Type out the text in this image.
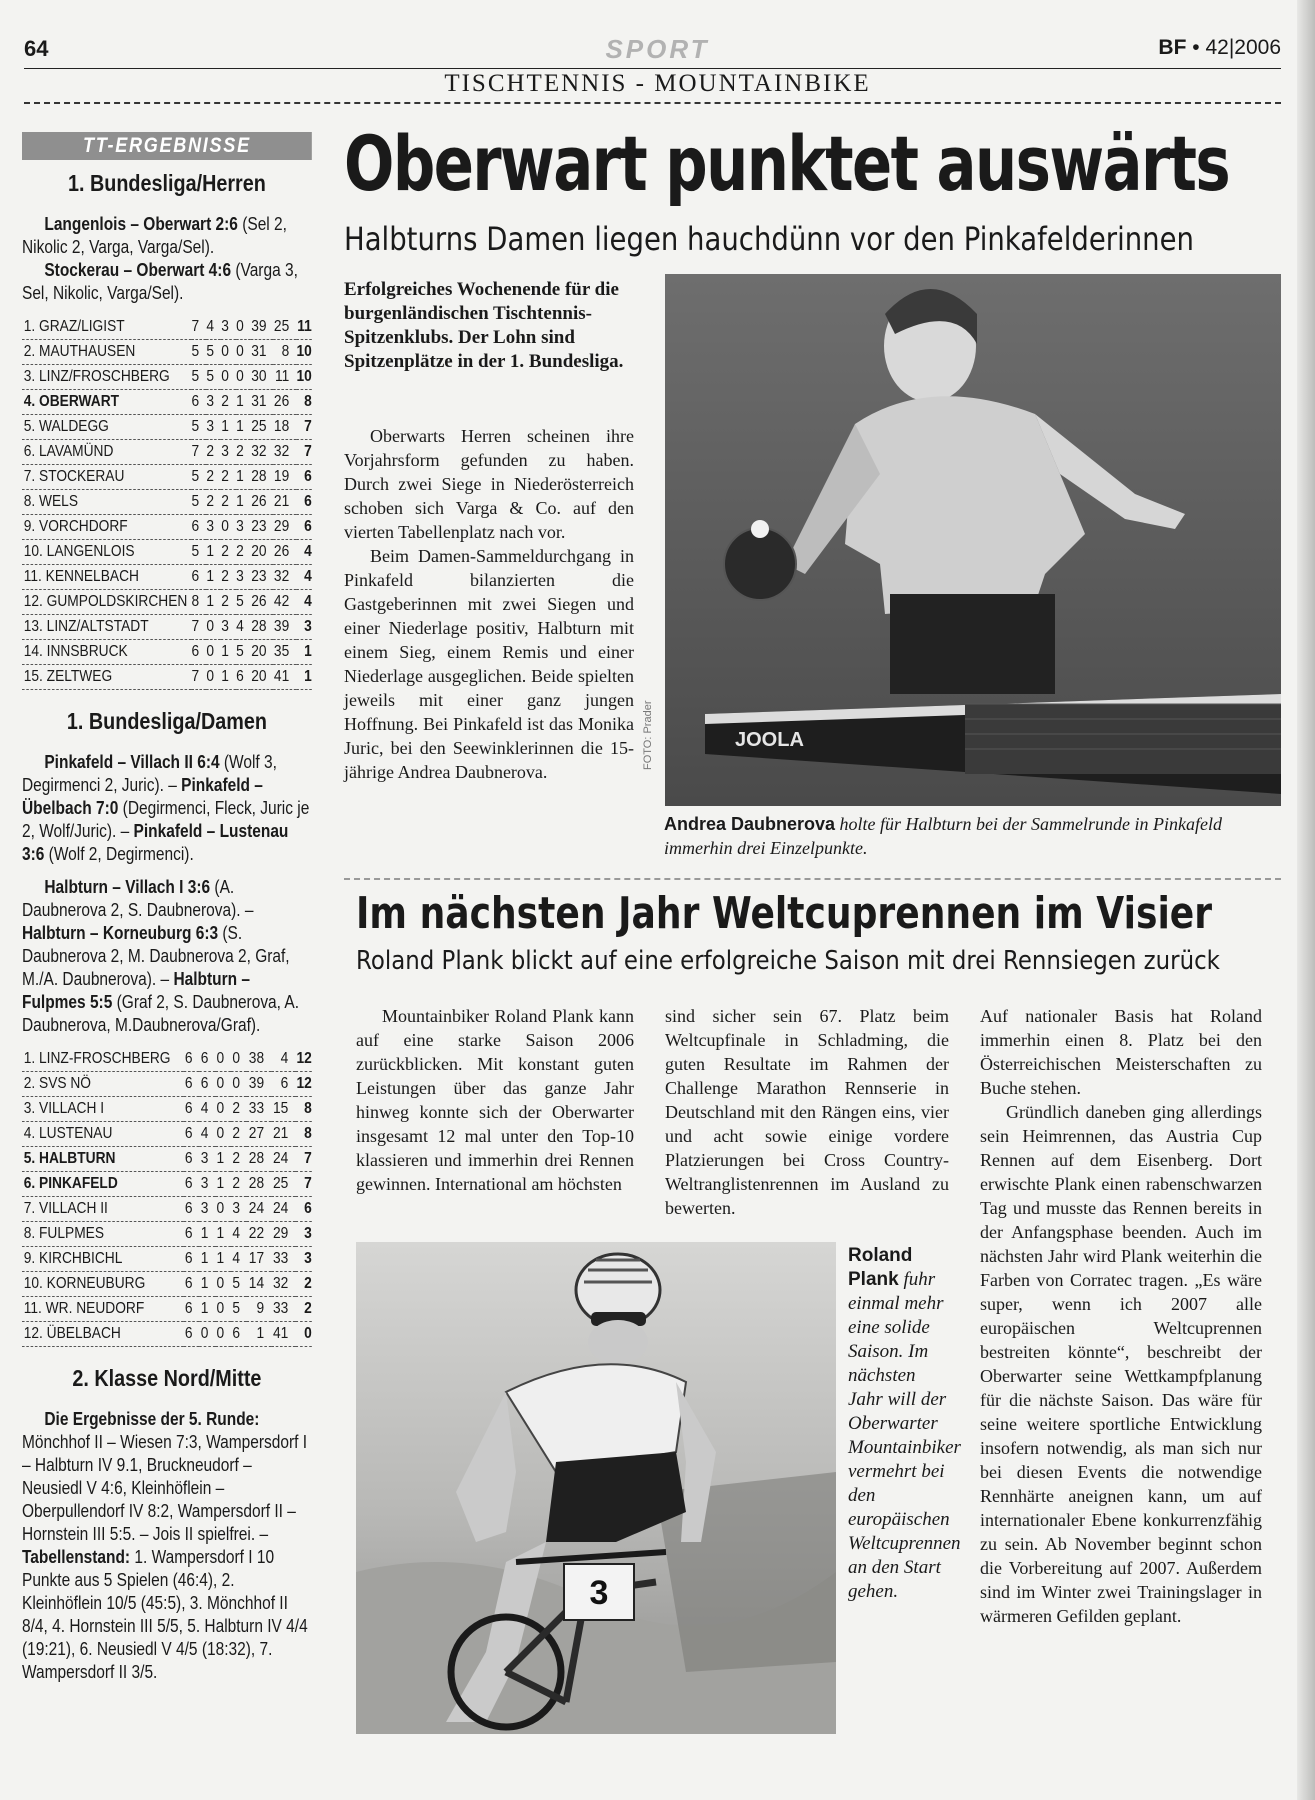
64	SPORT	BF • 42|2006
TISCHTENNIS - MOUNTAINBIKE
TT-ERGEBNISSE
1. Bundesliga/Herren

Langenlois – Oberwart 2:6 (Sel 2, Nikolic 2, Varga, Varga/Sel).
Stockerau – Oberwart 4:6 (Varga 3, Sel, Nikolic, Varga/Sel).

1. GRAZ/LIGIST	7	4	3	0	39	25	11
2. MAUTHAUSEN	5	5	0	0	31	8	10
3. LINZ/FROSCHBERG	5	5	0	0	30	11	10
4. OBERWART	6	3	2	1	31	26	8
5. WALDEGG	5	3	1	1	25	18	7
6. LAVAMÜND	7	2	3	2	32	32	7
7. STOCKERAU	5	2	2	1	28	19	6
8. WELS	5	2	2	1	26	21	6
9. VORCHDORF	6	3	0	3	23	29	6
10. LANGENLOIS	5	1	2	2	20	26	4
11. KENNELBACH	6	1	2	3	23	32	4
12. GUMPOLDSKIRCHEN	8	1	2	5	26	42	4
13. LINZ/ALTSTADT	7	0	3	4	28	39	3
14. INNSBRUCK	6	0	1	5	20	35	1
15. ZELTWEG	7	0	1	6	20	41	1
1. Bundesliga/Damen

Pinkafeld – Villach II 6:4 (Wolf 3, Degirmenci 2, Juric). – Pinkafeld – Übelbach 7:0 (Degirmenci, Fleck, Juric je 2, Wolf/Juric). – Pinkafeld – Lustenau 3:6 (Wolf 2, Degirmenci).

Halbturn – Villach I 3:6 (A. Daubnerova 2, S. Daubnerova). – Halbturn – Korneuburg 6:3 (S. Daubnerova 2, M. Daubnerova 2, Graf, M./A. Daubnerova). – Halbturn – Fulpmes 5:5 (Graf 2, S. Daubnerova, A. Daubnerova, M.Daubnerova/Graf).

1. LINZ-FROSCHBERG	6	6	0	0	38	4	12
2. SVS NÖ	6	6	0	0	39	6	12
3. VILLACH I	6	4	0	2	33	15	8
4. LUSTENAU	6	4	0	2	27	21	8
5. HALBTURN	6	3	1	2	28	24	7
6. PINKAFELD	6	3	1	2	28	25	7
7. VILLACH II	6	3	0	3	24	24	6
8. FULPMES	6	1	1	4	22	29	3
9. KIRCHBICHL	6	1	1	4	17	33	3
10. KORNEUBURG	6	1	0	5	14	32	2
11. WR. NEUDORF	6	1	0	5	9	33	2
12. ÜBELBACH	6	0	0	6	1	41	0
2. Klasse Nord/Mitte

Die Ergebnisse der 5. Runde: Mönchhof II – Wiesen 7:3, Wampersdorf I – Halbturn IV 9.1, Bruckneudorf – Neusiedl V 4:6, Kleinhöflein – Oberpullendorf IV 8:2, Wampersdorf II – Hornstein III 5:5. – Jois II spielfrei. – Tabellenstand: 1. Wampersdorf I 10 Punkte aus 5 Spielen (46:4), 2. Kleinhöflein 10/5 (45:5), 3. Mönchhof II 8/4, 4. Hornstein III 5/5, 5. Halbturn IV 4/4 (19:21), 6. Neusiedl V 4/5 (18:32), 7. Wampersdorf II 3/5.

Oberwart punktet auswärts
Halbturns Damen liegen hauchdünn vor den Pinkafelderinnen
Erfolgreiches Wochenende für die burgenländischen Tischtennis-Spitzenklubs. Der Lohn sind Spitzenplätze in der 1. Bundesliga.

Oberwarts Herren scheinen ihre Vorjahrsform gefunden zu haben. Durch zwei Siege in Niederösterreich schoben sich Varga & Co. auf den vierten Tabellenplatz nach vor.

Beim Damen-Sammeldurchgang in Pinkafeld bilanzierten die Gastgeberinnen mit zwei Siegen und einer Niederlage positiv, Halbturn mit einem Sieg, einem Remis und einer Niederlage ausgeglichen. Beide spielten jeweils mit einer ganz jungen Hoffnung. Bei Pinkafeld ist das Monika Juric, bei den Seewinklerinnen die 15-jährige Andrea Daubnerova.

JOOLA
FOTO: Prader
Andrea Daubnerova holte für Halbturn bei der Sammelrunde in Pinkafeld immerhin drei Einzelpunkte.
Im nächsten Jahr Weltcuprennen im Visier
Roland Plank blickt auf eine erfolgreiche Saison mit drei Rennsiegen zurück

Mountainbiker Roland Plank kann auf eine starke Saison 2006 zurückblicken. Mit konstant guten Leistungen über das ganze Jahr hinweg konnte sich der Oberwarter insgesamt 12 mal unter den Top-10 klassieren und immerhin drei Rennen gewinnen. International am höchsten

sind sicher sein 67. Platz beim Weltcupfinale in Schladming, die guten Resultate im Rahmen der Challenge Marathon Rennserie in Deutschland mit den Rängen eins, vier und acht sowie einige vordere Platzierungen bei Cross Country-Weltranglistenrennen im Ausland zu bewerten.

Auf nationaler Basis hat Roland immerhin einen 8. Platz bei den Österreichischen Meisterschaften zu Buche stehen.

Gründlich daneben ging allerdings sein Heimrennen, das Austria Cup Rennen auf dem Eisenberg. Dort erwischte Plank einen rabenschwarzen Tag und musste das Rennen bereits in der Anfangsphase beenden. Auch im nächsten Jahr wird Plank weiterhin die Farben von Corratec tragen. „Es wäre super, wenn ich 2007 alle europäischen Weltcuprennen bestreiten könnte“, beschreibt der Oberwarter seine Wettkampfplanung für die nächste Saison. Das wäre für seine weitere sportliche Entwicklung insofern notwendig, als man sich nur bei diesen Events die notwendige Rennhärte aneignen kann, um auf internationaler Ebene konkurrenzfähig zu sein. Ab November beginnt schon die Vorbereitung auf 2007. Außerdem sind im Winter zwei Trainingslager in wärmeren Gefilden geplant.

3
Roland
Plank fuhr einmal mehr eine solide Saison. Im nächsten Jahr will der Oberwarter Mountainbiker vermehrt bei den europäischen Weltcuprennen an den Start gehen.
